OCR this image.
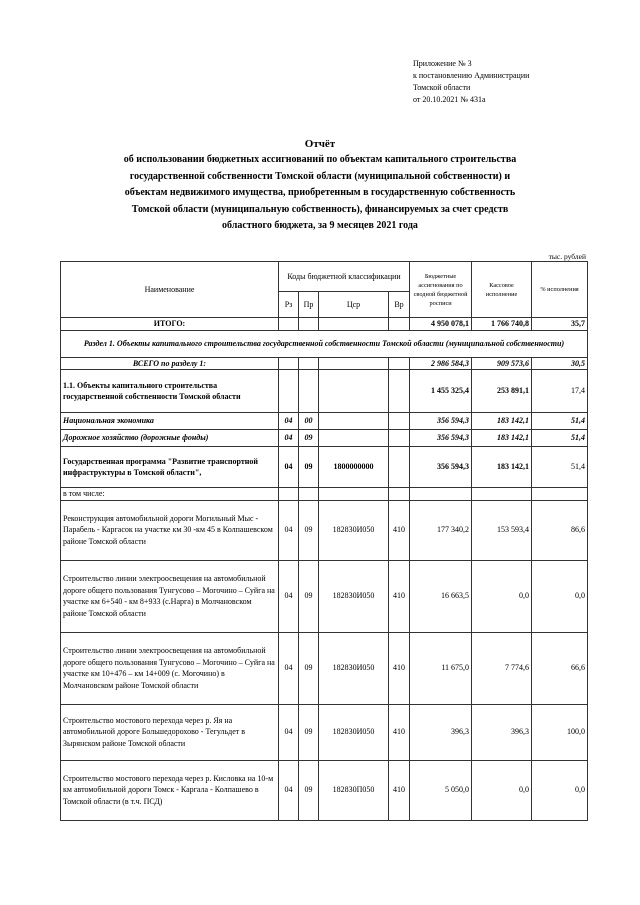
Приложение № 3
к постановлению Администрации
Томской области
от 20.10.2021 № 431а
Отчёт
об использовании бюджетных ассигнований по объектам капитального строительства
государственной собственности Томской области (муниципальной собственности) и
объектам недвижимого имущества, приобретенным в государственную собственность
Томской области (муниципальную собственность), финансируемых за счет средств
областного бюджета, за 9 месяцев 2021 года
тыс. рублей
Наименование	Коды бюджетной классификации				Бюджетные ассигнования по сводной бюджетной росписи	Кассовое исполнение	% исполнения
	Рз	Пр	Цср	Вр			
ИТОГО:					4 950 078,1	1 766 740,8	35,7
Раздел 1. Объекты капитального строительства государственной собственности Томской области (муниципальной собственности)							
ВСЕГО по разделу 1:					2 986 584,3	909 573,6	30,5
1.1. Объекты капитального строительства государственной собственности Томской области					1 455 325,4	253 891,1	17,4
Национальная экономика	04	00			356 594,3	183 142,1	51,4
Дорожное хозяйство (дорожные фонды)	04	09			356 594,3	183 142,1	51,4
Государственная программа "Развитие транспортной инфраструктуры в Томской области",	04	09	1800000000		356 594,3	183 142,1	51,4
в том числе:							
Реконструкция автомобильной дороги Могильный Мыс - Парабель - Каргасок на участке км 30 -км 45 в Колпашевском районе Томской области	04	09	182830И050	410	177 340,2	153 593,4	86,6
Строительство линии электроосвещения на автомобильной дороге общего пользования Тунгусово – Могочино – Суйга на участке км 6+540 - км 8+933 (с.Нарга) в Молчановском районе Томской области	04	09	182830И050	410	16 663,5	0,0	0,0
Строительство линии электроосвещения на автомобильной дороге общего пользования Тунгусово – Могочино – Суйга на участке км 10+476 – км 14+009 (с. Могочино) в Молчановском районе Томской области	04	09	182830И050	410	11 675,0	7 774,6	66,6
Строительство мостового перехода через р. Яя на автомобильной дороге Большедорохово - Тегульдет в Зырянском районе Томской области	04	09	182830И050	410	396,3	396,3	100,0
Строительство мостового перехода через р. Кисловка на 10-м км автомобильной дороги Томск - Каргала - Колпашево в Томской области (в т.ч. ПСД)	04	09	182830П050	410	5 050,0	0,0	0,0
